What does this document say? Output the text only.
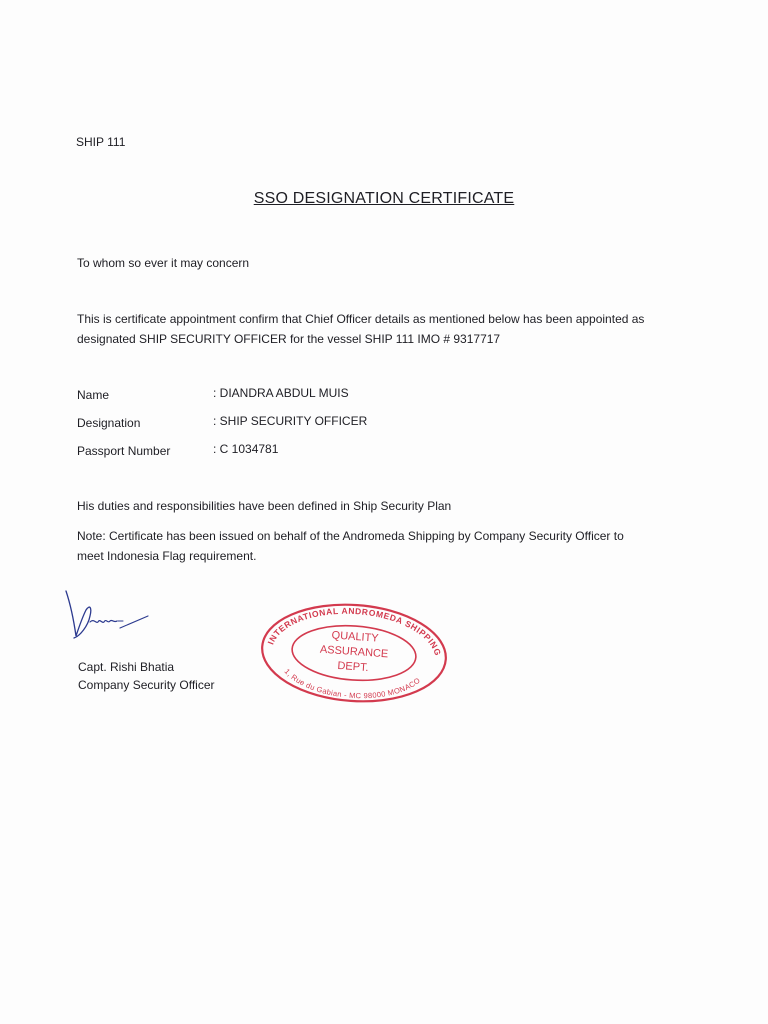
SHIP 111
SSO DESIGNATION CERTIFICATE
To whom so ever it may concern
This is certificate appointment confirm that Chief Officer details as mentioned below has been appointed as
designated SHIP SECURITY OFFICER for the vessel SHIP 111 IMO # 9317717
Name	: DIANDRA ABDUL MUIS
Designation	: SHIP SECURITY OFFICER
Passport Number	: C 1034781
His duties and responsibilities have been defined in Ship Security Plan
Note: Certificate has been issued on behalf of the Andromeda Shipping by Company Security Officer to
meet Indonesia Flag requirement.
Capt. Rishi Bhatia
Company Security Officer
INTERNATIONAL ANDROMEDA SHIPPING
1, Rue du Gabian - MC 98000 MONACO
QUALITY
ASSURANCE
DEPT.
